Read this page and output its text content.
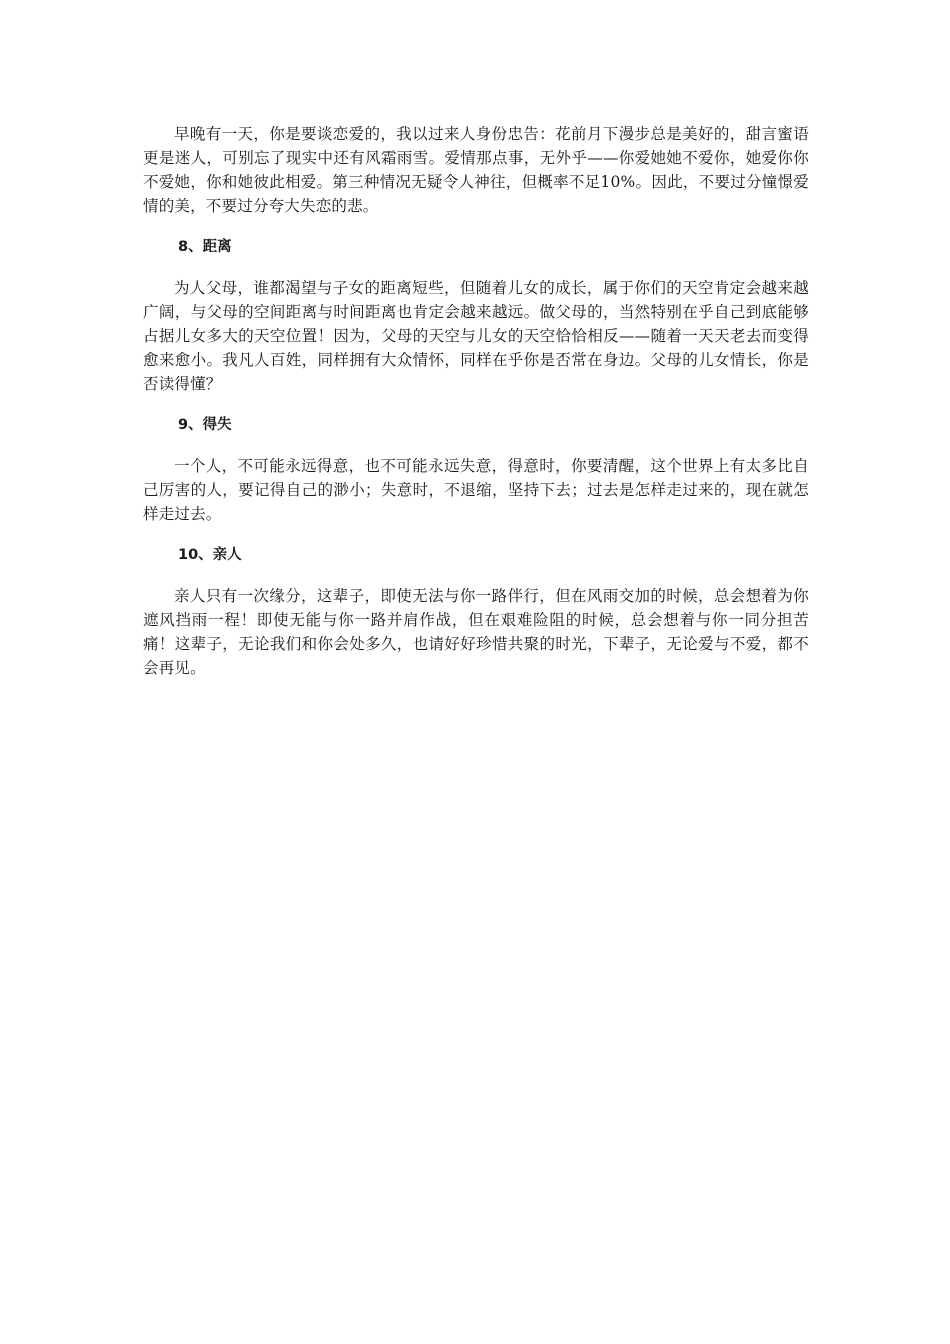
早晚有一天，你是要谈恋爱的，我以过来人身份忠告：花前月下漫步总是美好的，甜言蜜语更是迷人，可别忘了现实中还有风霜雨雪。爱情那点事，无外乎——你爱她她不爱你，她爱你你不爱她，你和她彼此相爱。第三种情况无疑令人神往，但概率不足10%。因此，不要过分憧憬爱情的美，不要过分夸大失恋的悲。

8、距离

为人父母，谁都渴望与子女的距离短些，但随着儿女的成长，属于你们的天空肯定会越来越广阔，与父母的空间距离与时间距离也肯定会越来越远。做父母的，当然特别在乎自己到底能够占据儿女多大的天空位置！因为，父母的天空与儿女的天空恰恰相反——随着一天天老去而变得愈来愈小。我凡人百姓，同样拥有大众情怀，同样在乎你是否常在身边。父母的儿女情长，你是否读得懂？

9、得失

一个人，不可能永远得意，也不可能永远失意，得意时，你要清醒，这个世界上有太多比自己厉害的人，要记得自己的渺小；失意时，不退缩，坚持下去；过去是怎样走过来的，现在就怎样走过去。

10、亲人

亲人只有一次缘分，这辈子，即使无法与你一路伴行，但在风雨交加的时候，总会想着为你遮风挡雨一程！即使无能与你一路并肩作战，但在艰难险阻的时候，总会想着与你一同分担苦痛！这辈子，无论我们和你会处多久，也请好好珍惜共聚的时光，下辈子，无论爱与不爱，都不会再见。
